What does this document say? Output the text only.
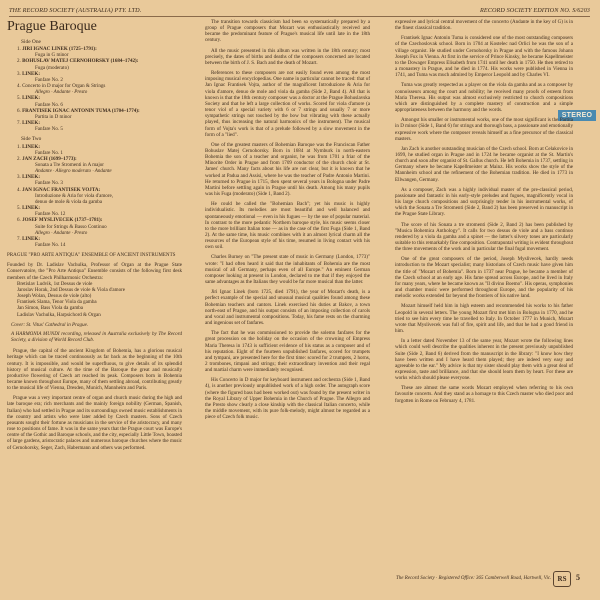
THE RECORD SOCIETY (AUSTRALIA) PTY. LTD.	RECORD SOCIETY EDITION NO. S/6203
STEREO
Prague Baroque
Side One

1. JIRI IGNAC LINEK (1725–1791):

Fuga in G minor

2. BOHUSLAV MATEJ CERNOHORSKY (1684–1742):

Fuga (moderato)

3. LINEK:

Fanfare No. 2

4. Concerto in D major for Organ & Strings

Allegro · Andante · Presto

5. LINEK:

Fanfare No. 6

6. FRANTISEK IGNAC ANTONIN TUMA (1704–1774):

Partita in D minor

7. LINEK:

Fanfare No. 5

Side Two

1. LINEK:

Fanfare No. 1

2. JAN ZACH (1699–1773):

Sonata a Tre Stromenti in A major

Andante · Allegro moderato · Andante

3. LINEK:

Fanfare No. 3

4. JAN IGNAC FRANTISEK VOJTA:

Introduzione & Aria for viola d'amore,

denuo de mole & viola da gamba

5. LINEK:

Fanfare No. 12

6. JOSEF MYSLIVECEK (1737–1781):

Suite for Strings & Basso Continuo

Allegro · Andante · Presto

7. LINEK:

Fanfare No. 14

PRAGUE "PRO ARTE ANTIQUA" ENSEMBLE OF ANCIENT INSTRUMENTS
Founded by Dr. Ladislav Vachulka, Professor of Organ at the Prague State Conservatoire, the "Pro Arte Antiqua" Ensemble consists of the following first desk members of the Czech Philharmonic Orchestra:

Bretislav Ludvik, 1st Dessus de viole

Jaroslav Horak, 2nd Dessus de viole & Viola d'amore

Joseph Wolan, Dessus de viole (alto)

Frantisek Slama, Tenor Viola da gamba

Jan Simon, Bass Viola da gamba

Ladislav Vachulka, Harpsichord & Organ

Cover: St. Vitus' Cathedral in Prague.
A HARMONIA MUNDI recording, released in Australia exclusively by The Record Society, a division of World Record Club.

Prague, the capital of the ancient Kingdom of Bohemia, has a glorious musical heritage which can be traced continuously as far back as the beginning of the 10th century. It is impossible, and would be superfluous, to give details of its splendid history of musical culture. At the time of the Baroque the great and musically productive flowering of Czech art reached its peak. Composers born in Bohemia became known throughout Europe, many of them settling abroad, contributing greatly to the musical life of Vienna, Dresden, Munich, Mannheim and Paris.

Prague was a very important centre of organ and church music during the high and late baroque era; rich merchants and the mainly foreign nobility (German, Spanish, Italian) who had settled in Prague and its surroundings owned music establishments in the country and artists who were later added by Czech masters. Sons of Czech peasants sought their fortune as musicians in the service of the aristocracy, and many rose to positions of fame. It was in the same years that the Prague court was Europe's centre of the Gothic and Baroque schools, and the city, especially Little Town, boasted of large gardens, aristocratic palaces and numerous baroque churches where the music of Cernohorsky, Seger, Zach, Habermann and others was performed.

The transition towards classicism had been so systematically prepared by a group of Prague composers that Mozart was enthusiastically received and became the predominant feature of Prague's musical life until late in the 18th century.

All the music presented in this album was written in the 18th century; most precisely, the dates of births and deaths of the composers concerned are located between the birth of J. S. Bach and the death of Mozart.

References to these composers are not easily found even among the most imposing musical encyclopedias. One name in particular cannot be traced: that of Jan Ignac Frantisek Vojta, author of the magnificent Introduzione & Aria for viola d'amore, denuo de mole and viola da gamba (Side 2, Band 4). All that is known is that the 18th century composer was a doctor at the Prague Bohuslavska Society and that he left a large collection of works. Scored for viola d'amore (a tenor viol of a special variety with 6 or 7 strings and usually 7 or more sympathetic strings not touched by the bow but vibrating with these actually played, thus increasing the natural harmonics of the instrument). The musical form of Vojta's work is that of a prelude followed by a slow movement in the form of a "lied".

One of the greatest masters of Bohemian Baroque was the Franciscan Father Bohuslav Matej Cernohorsky. Born in 1684 at Nymburk in north-eastern Bohemia the son of a teacher and organist, he was from 1701 a friar of the Minorite Order in Prague and from 1709 conductor of the church choir at St. James' church. Many facts about his life are not clear, but it is known that he worked at Padua and Assisi, where he was the teacher of Padre Antonio Martini. He returned to Prague in 1715, then spent several years in Bologna under Padre Martini before settling again in Prague until his death. Among his many pupils was his Fuga (moderato) (Side 1, Band 2).

He could be called the "Bohemian Bach"; yet his music is highly individualistic. Its melodies are most beautiful and well balanced and spontaneously emotional — even in his fugues — by the use of popular material. In contrast to the more pedantic Northern baroque style, his music seems closer to the more brilliant Italian tone — as in the case of the first Fuga (Side 1, Band 2). At the same time, his music combines with it an almost lyrical charm all the resources of the European style of his time, resumed in living contact with his own soil.

Charles Burney on "The present state of music in Germany (London, 1773)" wrote: "I had often heard it said that the inhabitants of Bohemia are the most musical of all Germany, perhaps even of all Europe." An eminent German composer looking at present in London, declared to me that if they enjoyed the same advantages as the Italians they would be far more musical than the latter.

Jiri Ignac Linek (born 1725, died 1791), the year of Mozart's death, is a perfect example of the special and unusual musical qualities found among these Bohemian teachers and cantors. Linek exercised his duties at Bakov, a town north-east of Prague, and his output consists of an imposing collection of carols and vocal and instrumental compositions. Today, his fame rests on the charming and ingenious set of fanfares.

The fact that he was commissioned to provide the solemn fanfares for the great procession on the holiday on the occasion of the crowning of Empress Maria Theresa in 1743 is sufficient evidence of his status as a composer and of his reputation. Eight of the fourteen unpublished fanfares, scored for trumpets and tympani, are presented here for the first time: scored for 2 trumpets, 2 horns, 2 trombones, timpani and strings; their extraordinary invention and their regal and martial charm were immediately recognised.

His Concerto in D major for keyboard instrument and orchestra (Side 1, Band 4), is another previously unpublished work of a high order. The autograph score (where the figured bass had been worked out) was found by the present writer in the Royal Library of Upper Bohemia in the Church of Prague. The Allegro and the Presto show clearly a close kinship with the classical Italian concerto, while the middle movement, with its pure folk-melody, might almost be regarded as a piece of Czech folk music.

expressive and lyrical central movement of the concerto (Andante in the key of G) is in the finest classical tradition.

Frantisek Ignac Antonin Tuma is considered one of the most outstanding composers of the Czechoslovak school. Born in 1704 at Kostelec nad Orlici he was the son of a village organist. He studied under Cernohorsky in Prague and with the famous Johann Joseph Fux in Vienna. At first in the service of Prince Kinsky, he became Kapellmeister to the Dowager Empress Elisabeth from 1741 until her death in 1750. He then retired to a monastery in Prague, and he died in 1774. His works were published in Vienna in 1741, and Tuma was much admired by Emperor Leopold and by Charles VI.

Tuma was greatly respected as a player on the viola da gamba and as a composer by connoisseurs among the court and nobility; he received many proofs of esteem from Maria Theresa. His output was almost exclusively restricted to church compositions which are distinguished by a complete mastery of construction and a simple appropriateness between the harmony and the words.

Amongst his smaller or instrumental works, one of the most significant is the Partita in D minor (Side 1, Band 6) for strings and thorough bass, a passionate and emotionally expressive work where the composer reveals himself as a fine precursor of the classical masters.

Jan Zach is another outstanding musician of the Czech school. Born at Celakovice in 1699, he studied organ in Prague and in 1724 he became organist at the St. Martin's church and soon after organist of St. Gallus church. He left Bohemia in 1737, settling in Germany where he became Kapellmeister at Mainz. His works show the style of the Mannheim school and the refinement of the Bohemian tradition. He died in 1773 in Ellwangen, Germany.

As a composer, Zach was a highly individual master of the pre-classical period, passionate and fantastic in his early-style preludes and fugues, magnificently vocal in his large church compositions and surprisingly tender in his instrumental works, of which the Sonata a Tre Stromenti (Side 2, Band 2) has been preserved in manuscript in the Prague State Library.

The score of his Sonata a tre stromenti (Side 2, Band 2) has been published by "Musica Bohemica Anthology". It calls for two dessus de viole and a bass continuo rendered by a viola da gamba and a spinet — the latter's silvery tones are particularly suitable to this remarkably fine composition. Contrapuntal writing is evident throughout the three movements of the work and in particular the final fugal movement.

One of the great composers of the period, Joseph Myslivecek, hardly needs introduction to the Mozart specialist; many historians of Czech music have given him the title of "Mozart of Bohemia". Born in 1737 near Prague, he became a member of the Czech school at an early age. His fame spread across Europe, and he lived in Italy for many years, where he became known as "Il divino Boemo". His operas, symphonies and chamber music were performed throughout Europe, and the popularity of his melodic works extended far beyond the frontiers of his native land.

Mozart himself held him in high esteem and recommended his works to his father Leopold in several letters. The young Mozart first met him in Bologna in 1770, and he tried to see him every time he travelled to Italy. In October 1777 in Munich, Mozart wrote that Myslivecek was full of fire, spirit and life, and that he had a good friend in him.

In a letter dated November 13 of the same year, Mozart wrote the following lines which could well describe the qualities inherent in the present previously unpublished Suite (Side 2, Band 6) derived from the manuscript in the library: "I know how they have been written and I have heard them played; they are indeed very easy and agreeable to the ear." My advice is that my sister should play them with a great deal of expression, taste and brilliance, and that she should learn them by heart. For these are works which should please everyone.

These are almost the same words Mozart employed when referring to his own favourite concerts. And they stand as a homage to this Czech master who died poor and forgotten in Rome on February 4, 1781.

The Record Society · Registered Office: 365 Camberwell Road, Hartwell, Vic. RS	5
